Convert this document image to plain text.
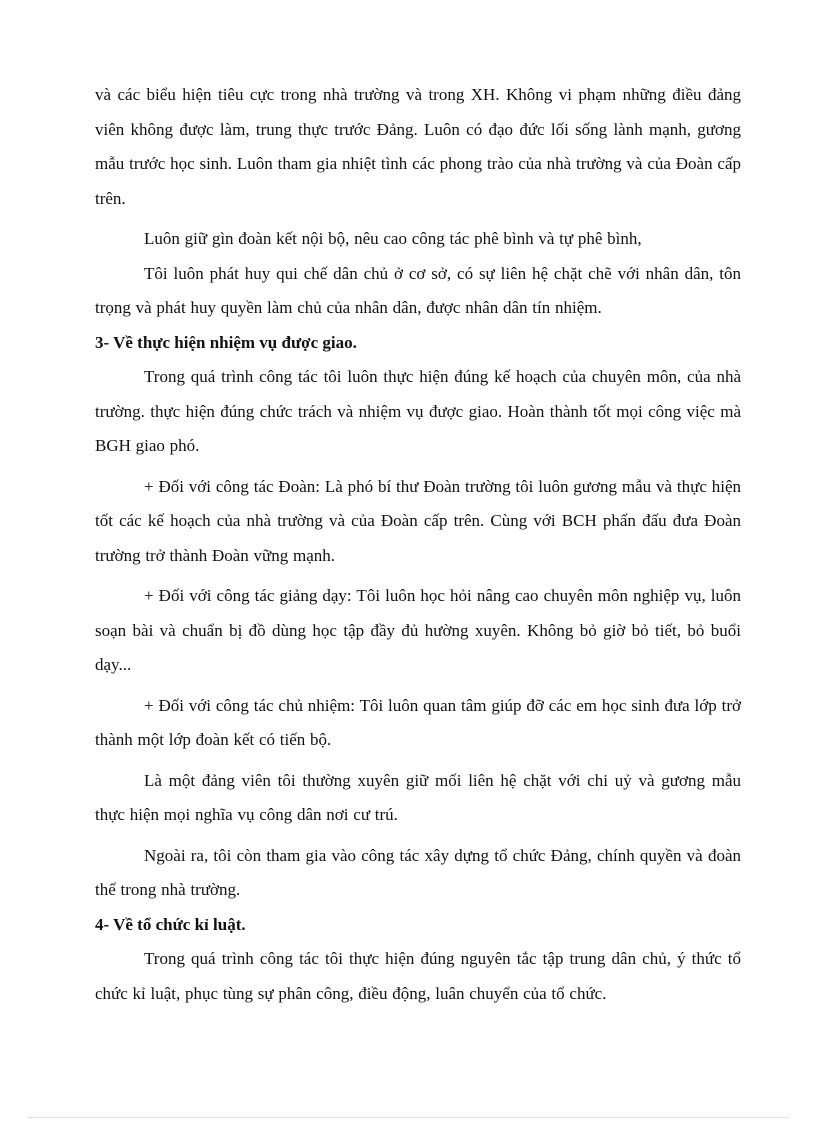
và các biểu hiện tiêu cực trong nhà trường và trong XH. Không vi phạm những điều đảng viên không được làm, trung thực trước Đảng. Luôn có đạo đức lối sống lành mạnh, gương mẫu trước học sinh. Luôn tham gia nhiệt tình các phong trào của nhà trường và của Đoàn cấp trên.

Luôn giữ gìn đoàn kết nội bộ, nêu cao công tác phê bình và tự phê bình,

Tôi luôn phát huy qui chế dân chủ ở cơ sở, có sự liên hệ chặt chẽ với nhân dân, tôn trọng và phát huy quyền làm chủ của nhân dân, được nhân dân tín nhiệm.

3- Về thực hiện nhiệm vụ được giao.

Trong quá trình công tác tôi luôn thực hiện đúng kế hoạch của chuyên môn, của nhà trường. thực hiện đúng chức trách và nhiệm vụ được giao. Hoàn thành tốt mọi công việc mà BGH giao phó.

+ Đối với công tác Đoàn: Là phó bí thư Đoàn trường tôi luôn gương mẫu và thực hiện tốt các kế hoạch của nhà trường và của Đoàn cấp trên. Cùng với BCH phấn đấu đưa Đoàn trường trở thành Đoàn vững mạnh.

+ Đối với công tác giảng dạy: Tôi luôn học hỏi nâng cao chuyên môn nghiệp vụ, luôn soạn bài và chuẩn bị đồ dùng học tập đầy đủ hường xuyên. Không bỏ giờ bỏ tiết, bỏ buổi dạy...

+ Đối với công tác chủ nhiệm: Tôi luôn quan tâm giúp đỡ các em học sinh đưa lớp trở thành một lớp đoàn kết có tiến bộ.

Là một đảng viên tôi thường xuyên giữ mối liên hệ chặt với chi uỷ và gương mẫu thực hiện mọi nghĩa vụ công dân nơi cư trú.

Ngoài ra, tôi còn tham gia vào công tác xây dựng tổ chức Đảng, chính quyền và đoàn thể trong nhà trường.

4- Về tổ chức kỉ luật.

Trong quá trình công tác tôi thực hiện đúng nguyên tắc tập trung dân chủ, ý thức tổ chức kỉ luật, phục tùng sự phân công, điều động, luân chuyển của tổ chức.
